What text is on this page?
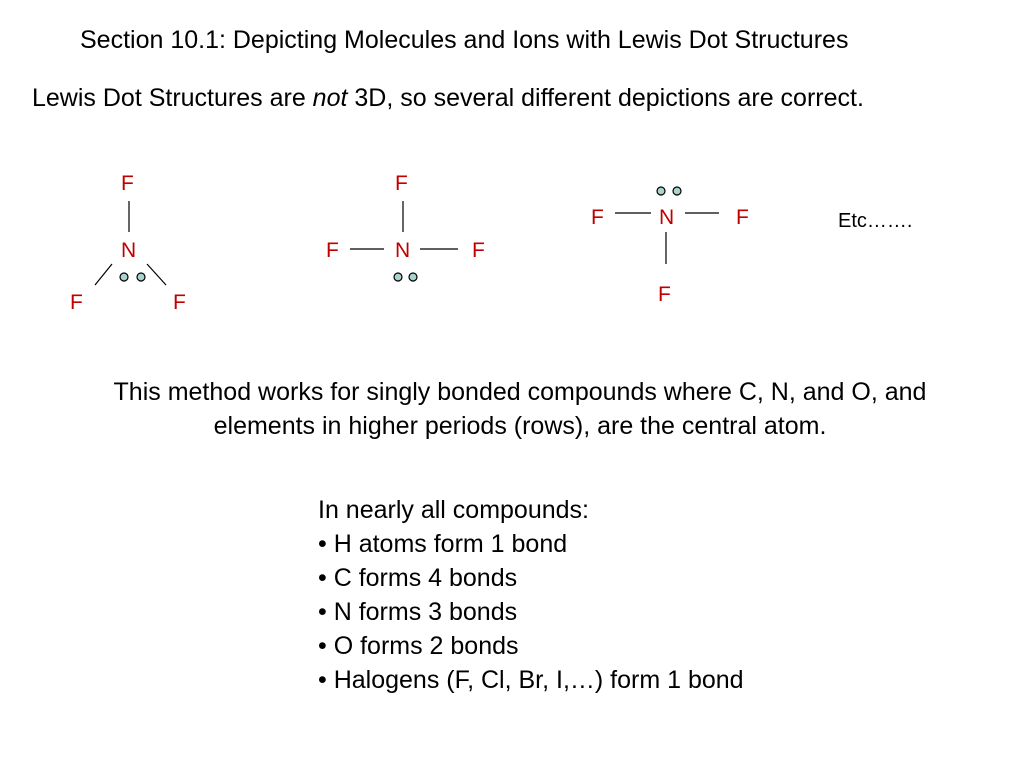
Section 10.1: Depicting Molecules and Ions with Lewis Dot Structures
Lewis Dot Structures are not 3D, so several different depictions are correct.
F
N
F	F
F
F	N	F
F	N	F
F
Etc…….
This method works for singly bonded compounds where C, N, and O, and
elements in higher periods (rows), are the central atom.
In nearly all compounds:
• H atoms form 1 bond
• C forms 4 bonds
• N forms 3 bonds
• O forms 2 bonds
• Halogens (F, Cl, Br, I,…) form 1 bond
